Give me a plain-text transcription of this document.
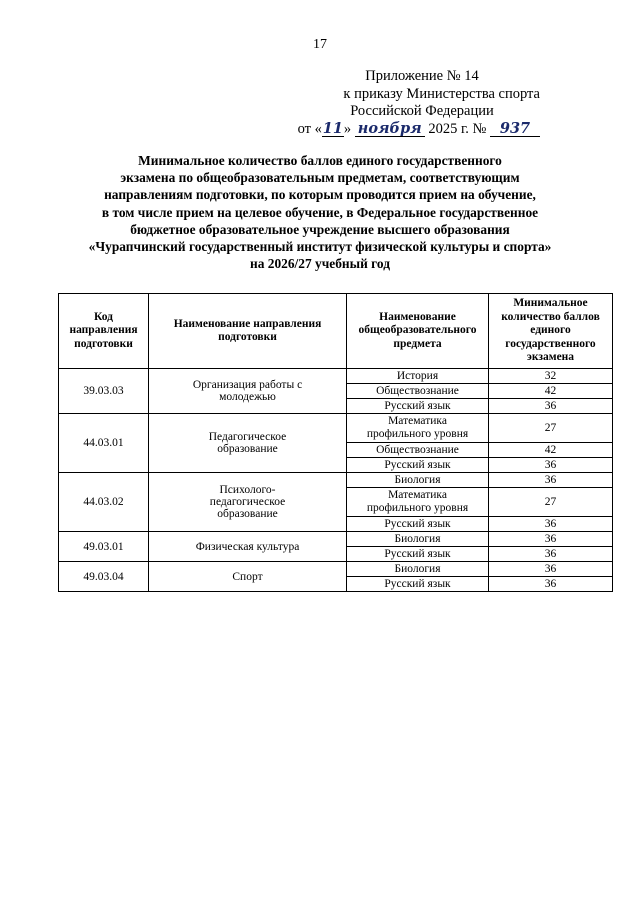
17
Приложение № 14
к приказу Министерства спорта
Российской Федерации
от «11» ноября 2025 г. № 937
Минимальное количество баллов единого государственного
экзамена по общеобразовательным предметам, соответствующим
направлениям подготовки, по которым проводится прием на обучение,
в том числе прием на целевое обучение, в Федеральное государственное
бюджетное образовательное учреждение высшего образования
«Чурапчинский государственный институт физической культуры и спорта»
на 2026/27 учебный год
Код направления подготовки	Наименование направления подготовки	Наименование общеобразовательного предмета	Минимальное количество баллов единого государственного экзамена
39.03.03	Организация работы с молодежью	История	32
		Обществознание	42
		Русский язык	36
44.03.01	Педагогическое образование	Математика профильного уровня	27
		Обществознание	42
		Русский язык	36
44.03.02	Психолого-педагогическое образование	Биология	36
		Математика профильного уровня	27
		Русский язык	36
49.03.01	Физическая культура	Биология	36
		Русский язык	36
49.03.04	Спорт	Биология	36
		Русский язык	36
